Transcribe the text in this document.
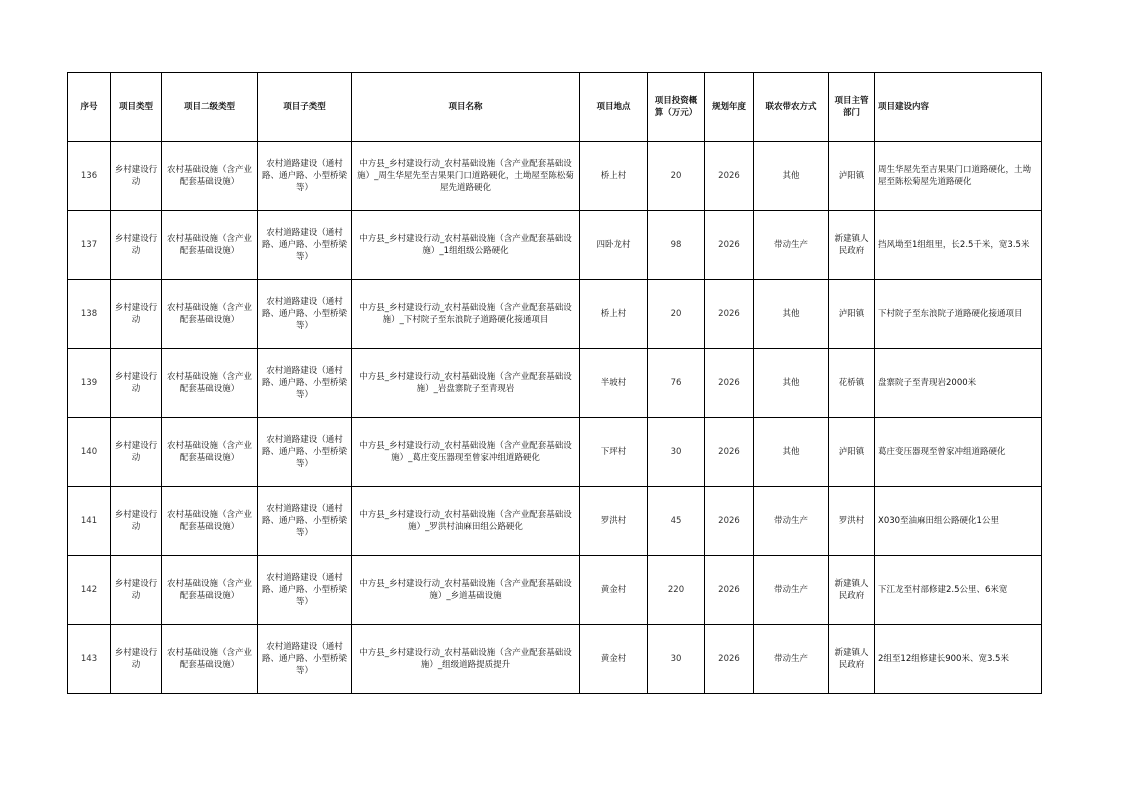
序号	项目类型	项目二级类型	项目子类型	项目名称	项目地点	项目投资概算（万元）	规划年度	联农带农方式	项目主管部门	项目建设内容
136	乡村建设行动	农村基础设施（含产业配套基础设施）	农村道路建设（通村路、通户路、小型桥梁等）	中方县_乡村建设行动_农村基础设施（含产业配套基础设施）_周生华屋先至吉果果门口道路硬化，土坳屋至陈松菊屋先道路硬化	桥上村	20	2026	其他	泸阳镇	周生华屋先至吉果果门口道路硬化，土坳屋至陈松菊屋先道路硬化
137	乡村建设行动	农村基础设施（含产业配套基础设施）	农村道路建设（通村路、通户路、小型桥梁等）	中方县_乡村建设行动_农村基础设施（含产业配套基础设施）_1组组级公路硬化	四卧龙村	98	2026	带动生产	新建镇人民政府	挡风坳至1组组里，长2.5千米，宽3.5米
138	乡村建设行动	农村基础设施（含产业配套基础设施）	农村道路建设（通村路、通户路、小型桥梁等）	中方县_乡村建设行动_农村基础设施（含产业配套基础设施）_下村院子至东浪院子道路硬化接通项目	桥上村	20	2026	其他	泸阳镇	下村院子至东浪院子道路硬化接通项目
139	乡村建设行动	农村基础设施（含产业配套基础设施）	农村道路建设（通村路、通户路、小型桥梁等）	中方县_乡村建设行动_农村基础设施（含产业配套基础设施）_岩盘寨院子至青现岩	半坡村	76	2026	其他	花桥镇	盘寨院子至青现岩2000米
140	乡村建设行动	农村基础设施（含产业配套基础设施）	农村道路建设（通村路、通户路、小型桥梁等）	中方县_乡村建设行动_农村基础设施（含产业配套基础设施）_葛庄变压器现至曾家冲组道路硬化	下坪村	30	2026	其他	泸阳镇	葛庄变压器现至曾家冲组道路硬化
141	乡村建设行动	农村基础设施（含产业配套基础设施）	农村道路建设（通村路、通户路、小型桥梁等）	中方县_乡村建设行动_农村基础设施（含产业配套基础设施）_罗洪村油麻田组公路硬化	罗洪村	45	2026	带动生产	罗洪村	X030至油麻田组公路硬化1公里
142	乡村建设行动	农村基础设施（含产业配套基础设施）	农村道路建设（通村路、通户路、小型桥梁等）	中方县_乡村建设行动_农村基础设施（含产业配套基础设施）_乡道基础设施	黄金村	220	2026	带动生产	新建镇人民政府	下江龙至村部修建2.5公里、6米宽
143	乡村建设行动	农村基础设施（含产业配套基础设施）	农村道路建设（通村路、通户路、小型桥梁等）	中方县_乡村建设行动_农村基础设施（含产业配套基础设施）_组级道路提质提升	黄金村	30	2026	带动生产	新建镇人民政府	2组至12组修建长900米、宽3.5米
